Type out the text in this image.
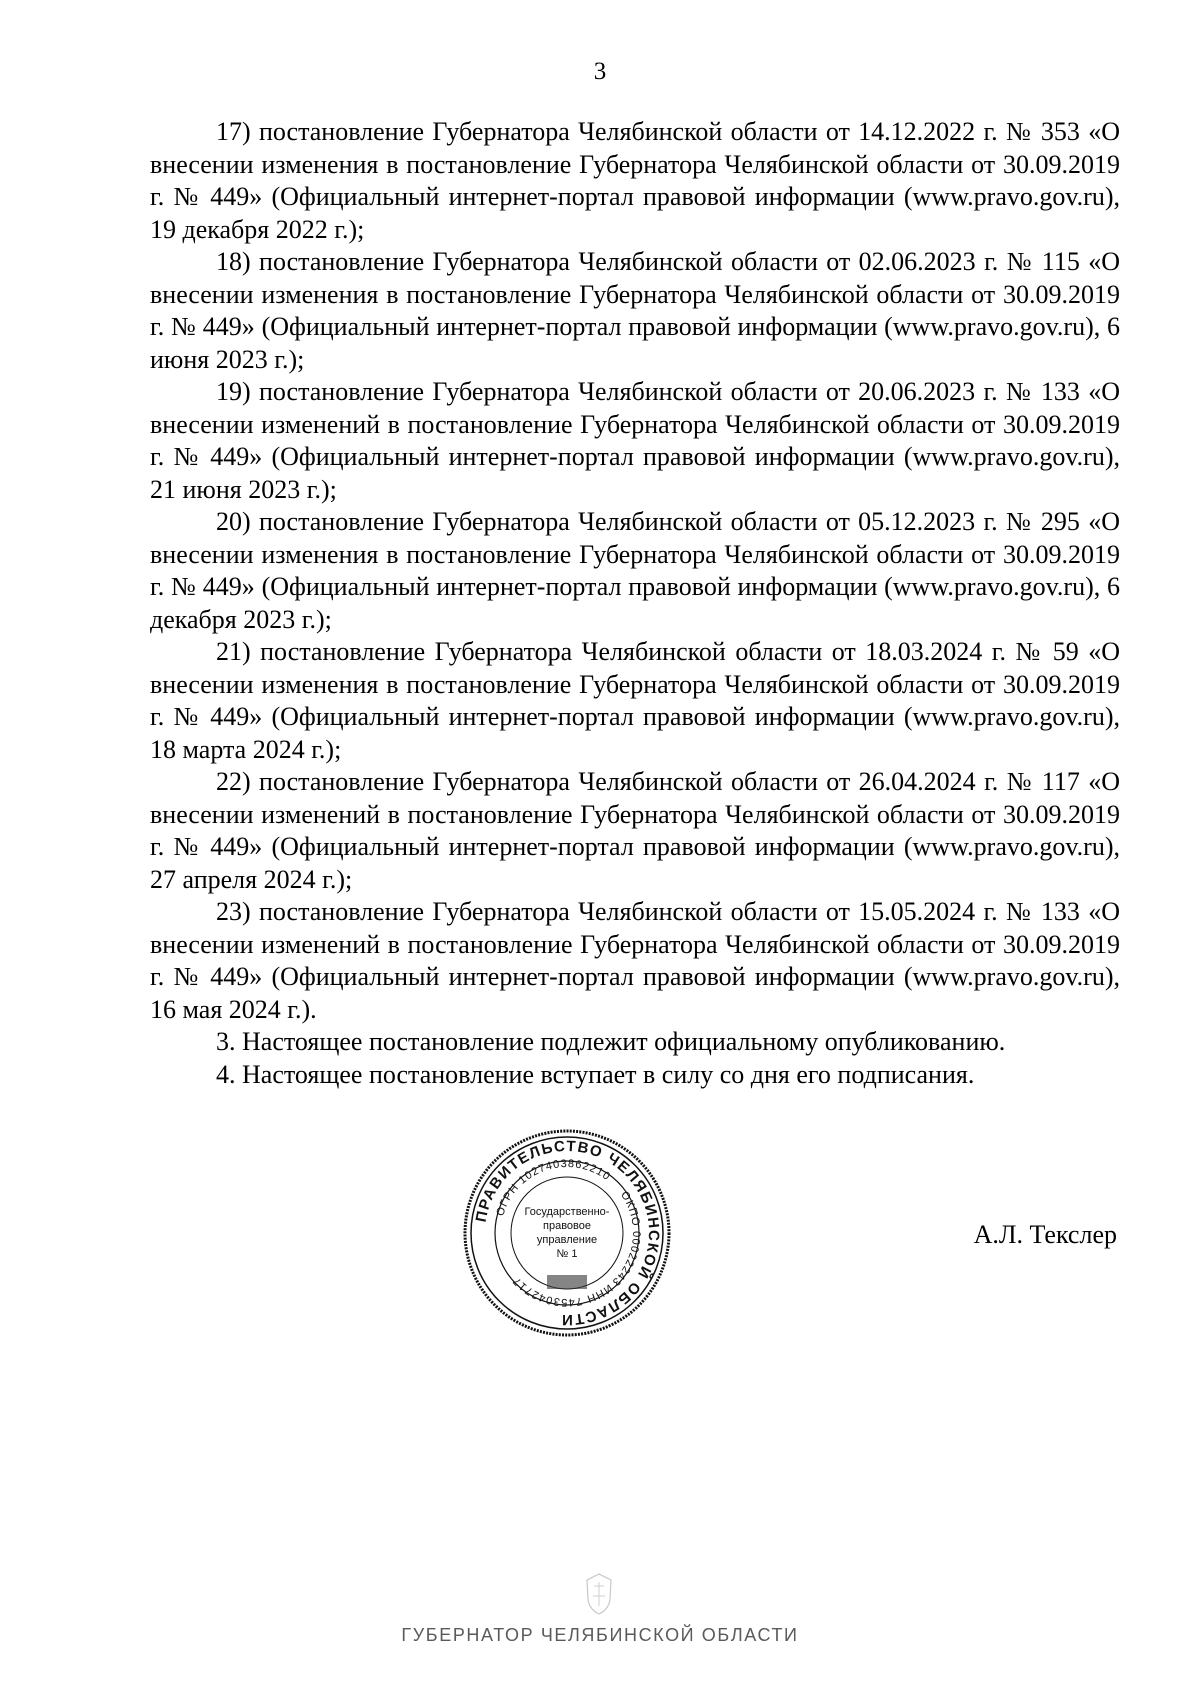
3

17) постановление Губернатора Челябинской области от 14.12.2022 г. № 353 «О внесении изменения в постановление Губернатора Челябинской области от 30.09.2019 г. № 449» (Официальный интернет-портал правовой информации (www.pravo.gov.ru), 19 декабря 2022 г.);

18) постановление Губернатора Челябинской области от 02.06.2023 г. № 115 «О внесении изменения в постановление Губернатора Челябинской области от 30.09.2019 г. № 449» (Официальный интернет-портал правовой информации (www.pravo.gov.ru), 6 июня 2023 г.);

19) постановление Губернатора Челябинской области от 20.06.2023 г. № 133 «О внесении изменений в постановление Губернатора Челябинской области от 30.09.2019 г. № 449» (Официальный интернет-портал правовой информации (www.pravo.gov.ru), 21 июня 2023 г.);

20) постановление Губернатора Челябинской области от 05.12.2023 г. № 295 «О внесении изменения в постановление Губернатора Челябинской области от 30.09.2019 г. № 449» (Официальный интернет-портал правовой информации (www.pravo.gov.ru), 6 декабря 2023 г.);

21) постановление Губернатора Челябинской области от 18.03.2024 г. № 59 «О внесении изменения в постановление Губернатора Челябинской области от 30.09.2019 г. № 449» (Официальный интернет-портал правовой информации (www.pravo.gov.ru), 18 марта 2024 г.);

22) постановление Губернатора Челябинской области от 26.04.2024 г. № 117 «О внесении изменений в постановление Губернатора Челябинской области от 30.09.2019 г. № 449» (Официальный интернет-портал правовой информации (www.pravo.gov.ru), 27 апреля 2024 г.);

23) постановление Губернатора Челябинской области от 15.05.2024 г. № 133 «О внесении изменений в постановление Губернатора Челябинской области от 30.09.2019 г. № 449» (Официальный интернет-портал правовой информации (www.pravo.gov.ru), 16 мая 2024 г.).

3. Настоящее постановление подлежит официальному опубликованию.

4. Настоящее постановление вступает в силу со дня его подписания.

ПРАВИТЕЛЬСТВО ЧЕЛЯБИНСКОЙ ОБЛАСТИ
ОГРН 1027403862210
ОКПО 00022243
ИНН 7453042717
Государственно-
правовое
управление
№ 1
А.Л. Текслер
ГУБЕРНАТОР ЧЕЛЯБИНСКОЙ ОБЛАСТИ
